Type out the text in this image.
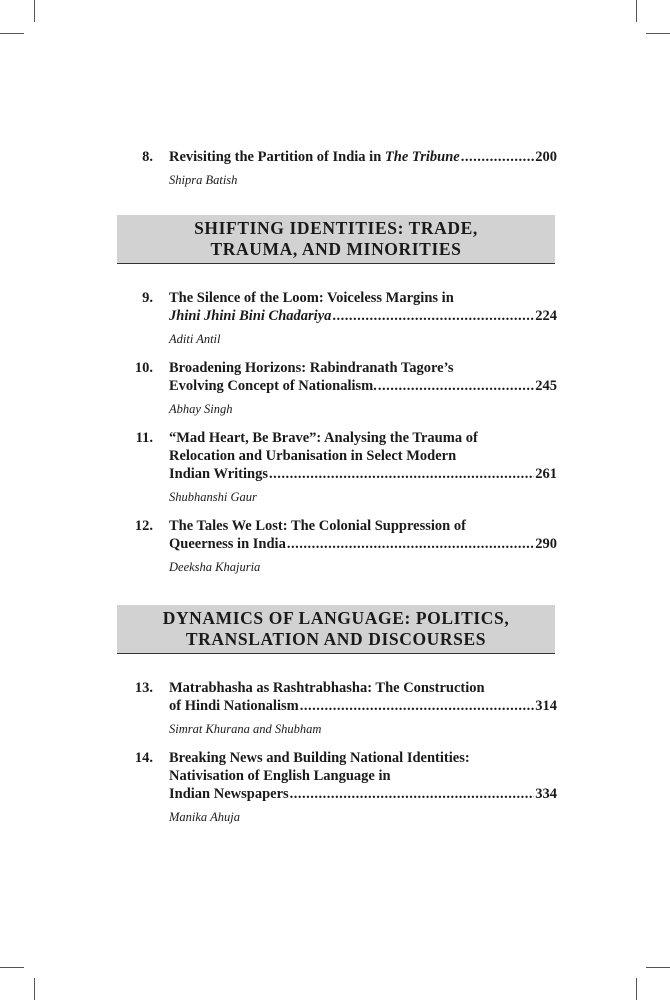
8. Revisiting the Partition of India in The Tribune .....	200
Shipra Batish
SHIFTING IDENTITIES: TRADE,
TRAUMA, AND MINORITIES
9. The Silence of the Loom: Voiceless Margins in
Jhini Jhini Bini Chadariya .....	224
Aditi Antil
10. Broadening Horizons: Rabindranath Tagore’s
Evolving Concept of Nationalism. .....	245
Abhay Singh
11. “Mad Heart, Be Brave”: Analysing the Trauma of
Relocation and Urbanisation in Select Modern
Indian Writings .....	261
Shubhanshi Gaur
12. The Tales We Lost: The Colonial Suppression of
Queerness in India .....	290
Deeksha Khajuria
DYNAMICS OF LANGUAGE: POLITICS,
TRANSLATION AND DISCOURSES
13. Matrabhasha as Rashtrabhasha: The Construction
of Hindi Nationalism .....	314
Simrat Khurana and Shubham
14. Breaking News and Building National Identities:
Nativisation of English Language in
Indian Newspapers .....	334
Manika Ahuja
